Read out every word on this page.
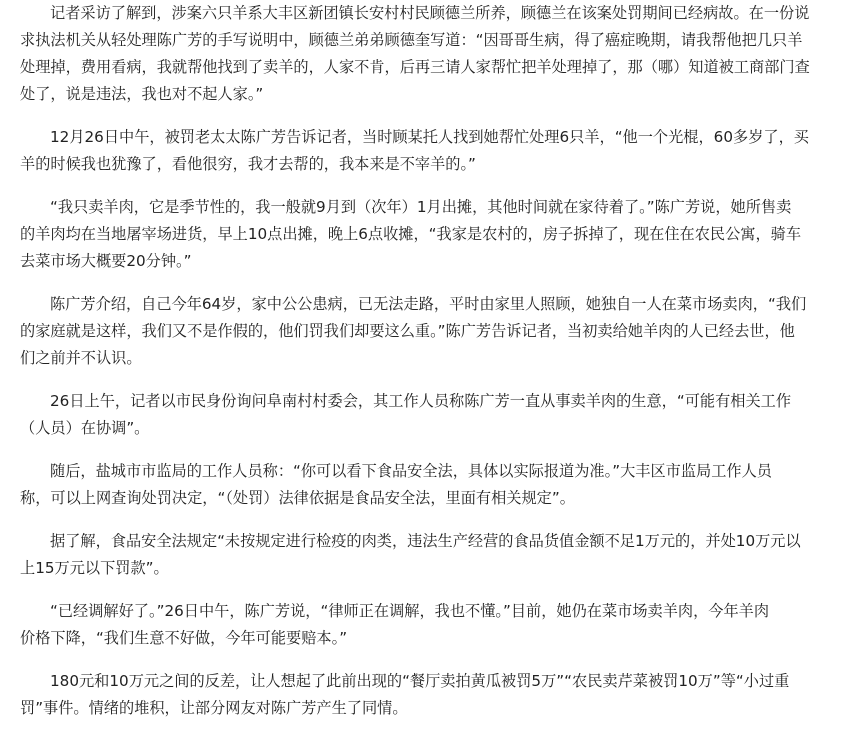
记者采访了解到，涉案六只羊系大丰区新团镇长安村村民顾德兰所养，顾德兰在该案处罚期间已经病故。在一份说
求执法机关从轻处理陈广芳的手写说明中，顾德兰弟弟顾德奎写道：“因哥哥生病，得了癌症晚期，请我帮他把几只羊
处理掉，费用看病，我就帮他找到了卖羊的，人家不肯，后再三请人家帮忙把羊处理掉了，那（哪）知道被工商部门查
处了，说是违法，我也对不起人家。”
12月26日中午，被罚老太太陈广芳告诉记者，当时顾某托人找到她帮忙处理6只羊，“他一个光棍，60多岁了，买
羊的时候我也犹豫了，看他很穷，我才去帮的，我本来是不宰羊的。”
“我只卖羊肉，它是季节性的，我一般就9月到（次年）1月出摊，其他时间就在家待着了。”陈广芳说，她所售卖
的羊肉均在当地屠宰场进货，早上10点出摊，晚上6点收摊，“我家是农村的，房子拆掉了，现在住在农民公寓，骑车
去菜市场大概要20分钟。”
陈广芳介绍，自己今年64岁，家中公公患病，已无法走路，平时由家里人照顾，她独自一人在菜市场卖肉，“我们
的家庭就是这样，我们又不是作假的，他们罚我们却要这么重。”陈广芳告诉记者，当初卖给她羊肉的人已经去世，他
们之前并不认识。
26日上午，记者以市民身份询问阜南村村委会，其工作人员称陈广芳一直从事卖羊肉的生意，“可能有相关工作
（人员）在协调”。
随后，盐城市市监局的工作人员称：“你可以看下食品安全法，具体以实际报道为准。”大丰区市监局工作人员
称，可以上网查询处罚决定，“（处罚）法律依据是食品安全法，里面有相关规定”。
据了解，食品安全法规定“未按规定进行检疫的肉类，违法生产经营的食品货值金额不足1万元的，并处10万元以
上15万元以下罚款”。
“已经调解好了。”26日中午，陈广芳说，“律师正在调解，我也不懂。”目前，她仍在菜市场卖羊肉，今年羊肉
价格下降，“我们生意不好做，今年可能要赔本。”
180元和10万元之间的反差，让人想起了此前出现的“餐厅卖拍黄瓜被罚5万”“农民卖芹菜被罚10万”等“小过重
罚”事件。情绪的堆积，让部分网友对陈广芳产生了同情。
